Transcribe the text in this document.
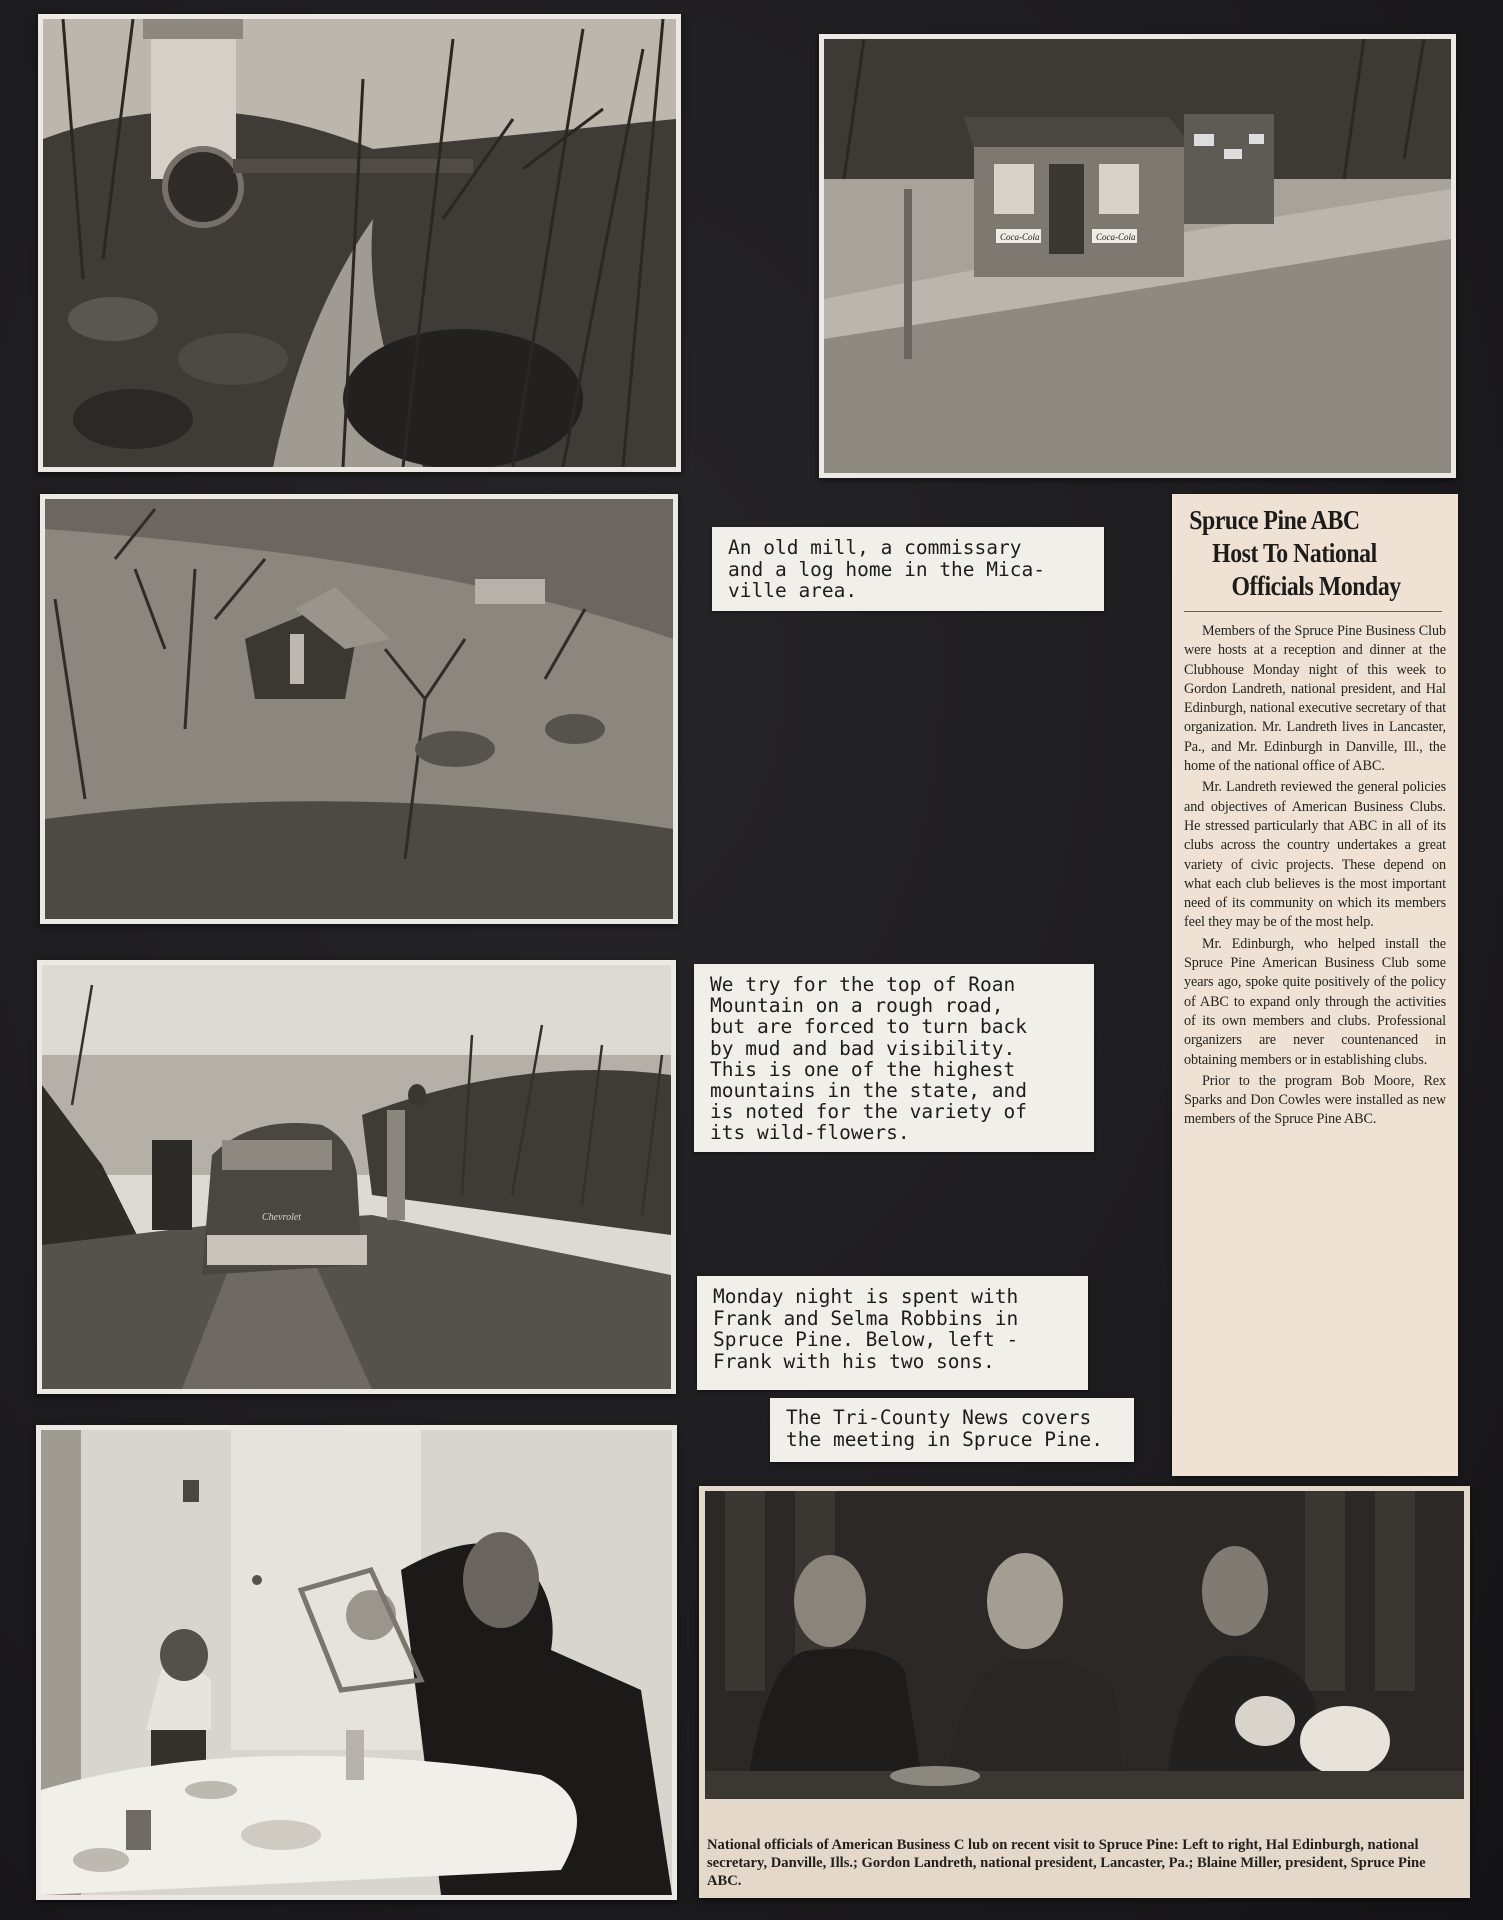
Coca-Cola	Coca-Cola
Chevrolet
National officials of American Business C lub on recent visit to Spruce Pine: Left to right, Hal Edinburgh, national secretary, Danville, Ills.; Gordon Landreth, national president, Lancaster, Pa.; Blaine Miller, president, Spruce Pine ABC.
An old mill, a commissary
and a log home in the Mica-
ville area.
We try for the top of Roan
Mountain on a rough road,
but are forced to turn back
by mud and bad visibility.
This is one of the highest
mountains in the state, and
is noted for the variety of
its wild-flowers.
Monday night is spent with
Frank and Selma Robbins in
Spruce Pine. Below, left -
Frank with his two sons.
The Tri-County News covers
the meeting in Spruce Pine.
Spruce Pine ABC
Host To National
Officials Monday

Members of the Spruce Pine Business Club were hosts at a reception and dinner at the Clubhouse Monday night of this week to Gordon Landreth, national president, and Hal Edinburgh, national executive secretary of that organization. Mr. Landreth lives in Lancaster, Pa., and Mr. Edinburgh in Danville, Ill., the home of the national office of ABC.

Mr. Landreth reviewed the general policies and objectives of American Business Clubs. He stressed particularly that ABC in all of its clubs across the country undertakes a great variety of civic projects. These depend on what each club believes is the most important need of its community on which its members feel they may be of the most help.

Mr. Edinburgh, who helped install the Spruce Pine American Business Club some years ago, spoke quite positively of the policy of ABC to expand only through the activities of its own members and clubs. Professional organizers are never countenanced in obtaining members or in establishing clubs.

Prior to the program Bob Moore, Rex Sparks and Don Cowles were installed as new members of the Spruce Pine ABC.
